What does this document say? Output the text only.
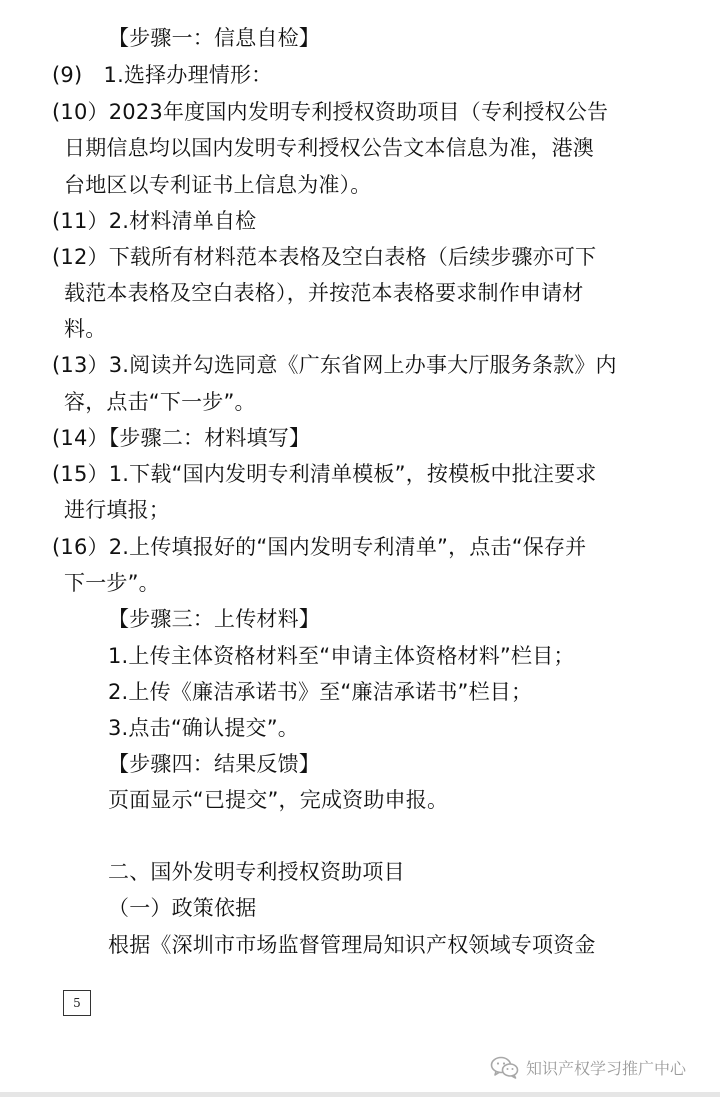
【步骤一：信息自检】
(9)　1.选择办理情形：
(10）2023年度国内发明专利授权资助项目（专利授权公告
日期信息均以国内发明专利授权公告文本信息为准，港澳
台地区以专利证书上信息为准）。
(11）2.材料清单自检
(12）下载所有材料范本表格及空白表格（后续步骤亦可下
载范本表格及空白表格），并按范本表格要求制作申请材
料。
(13）3.阅读并勾选同意《广东省网上办事大厅服务条款》内
容，点击“下一步”。
(14）【步骤二：材料填写】
(15）1.下载“国内发明专利清单模板”，按模板中批注要求
进行填报；
(16）2.上传填报好的“国内发明专利清单”，点击“保存并
下一步”。
【步骤三：上传材料】
1.上传主体资格材料至“申请主体资格材料”栏目；
2.上传《廉洁承诺书》至“廉洁承诺书”栏目；
3.点击“确认提交”。
【步骤四：结果反馈】
页面显示“已提交”，完成资助申报。
二、国外发明专利授权资助项目
（一）政策依据
根据《深圳市市场监督管理局知识产权领域专项资金
5
知识产权学习推广中心
